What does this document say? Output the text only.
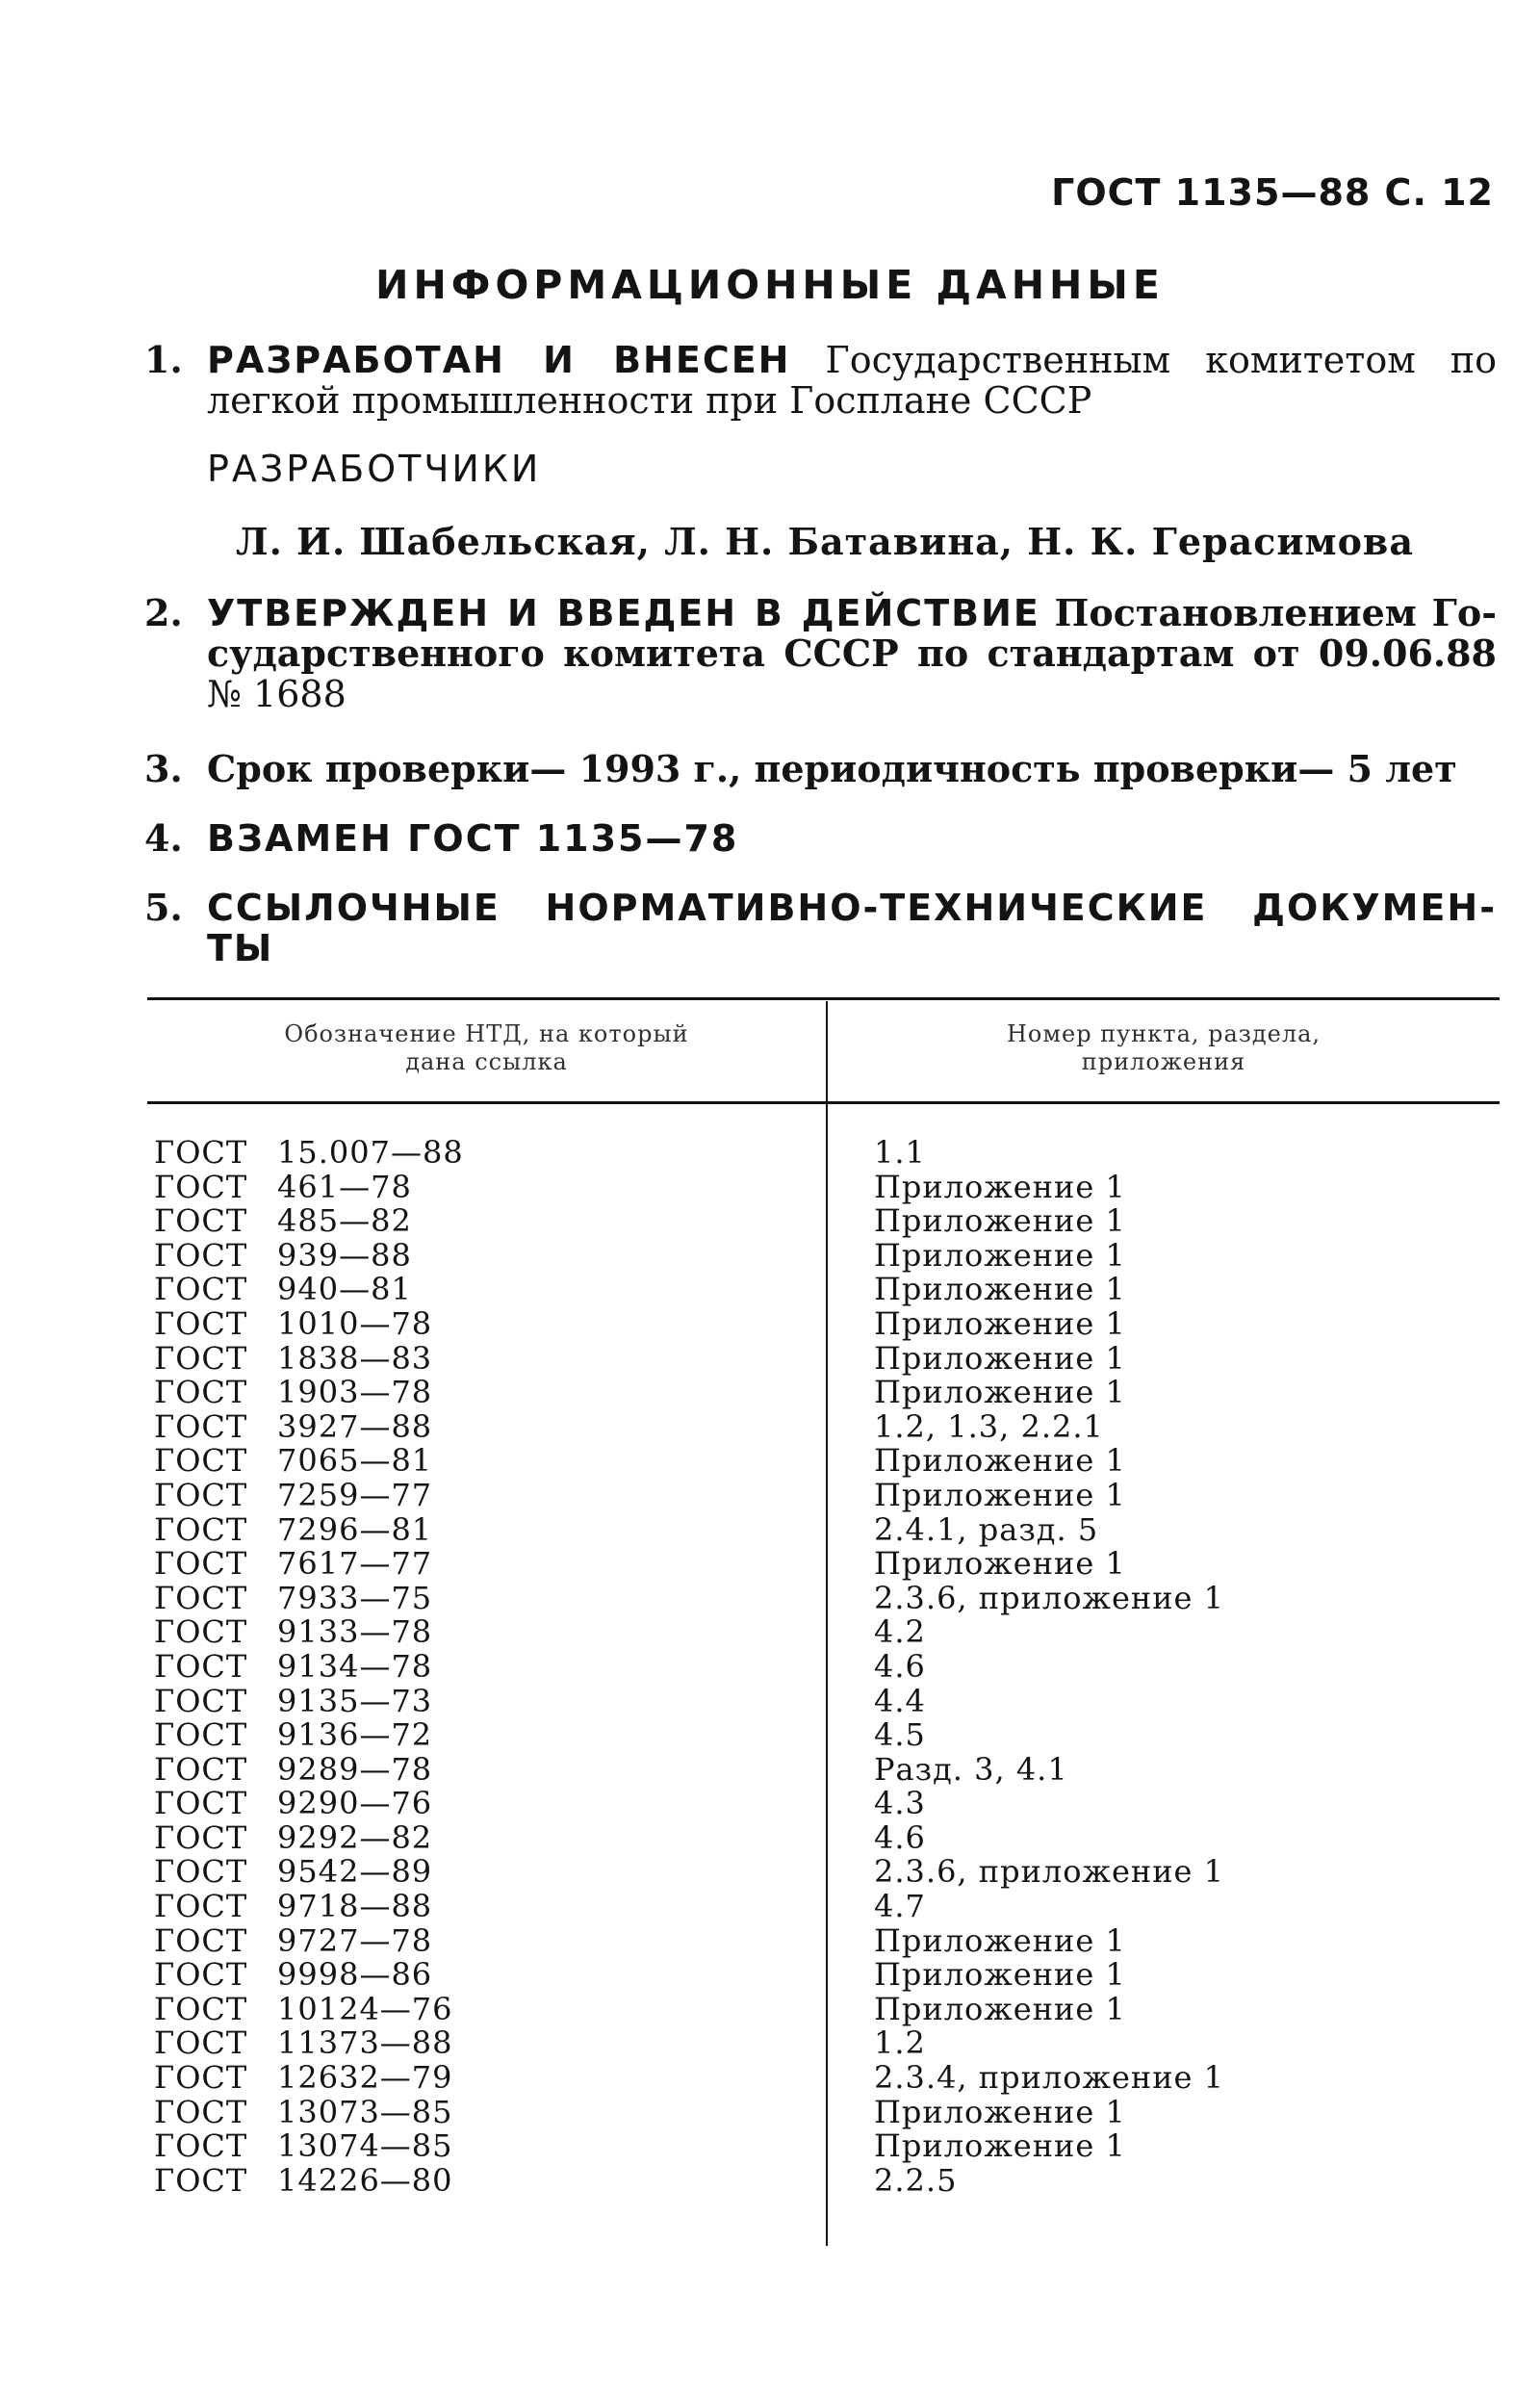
ГОСТ 1135—88 С. 12
ИНФОРМАЦИОННЫЕ ДАННЫЕ
1. РАЗРАБОТАН И ВНЕСЕН Государственным комитетом по
легкой промышленности при Госплане СССР
РАЗРАБОТЧИКИ
Л. И. Шабельская, Л. Н. Батавина, Н. К. Герасимова
2. УТВЕРЖДЕН И ВВЕДЕН В ДЕЙСТВИЕ Постановлением Го-
сударственного комитета СССР по стандартам от 09.06.88
№ 1688
3. Срок проверки— 1993 г., периодичность проверки— 5 лет
4. ВЗАМЕН ГОСТ 1135—78
5. ССЫЛОЧНЫЕ НОРМАТИВНО-ТЕХНИЧЕСКИЕ ДОКУМЕН-
ТЫ
Обозначение НТД, на который
дана ссылка
Номер пункта, раздела,
приложения
ГОСТ 15.007—88	1.1
ГОСТ 461—78	Приложение 1
ГОСТ 485—82	Приложение 1
ГОСТ 939—88	Приложение 1
ГОСТ 940—81	Приложение 1
ГОСТ 1010—78	Приложение 1
ГОСТ 1838—83	Приложение 1
ГОСТ 1903—78	Приложение 1
ГОСТ 3927—88	1.2, 1.3, 2.2.1
ГОСТ 7065—81	Приложение 1
ГОСТ 7259—77	Приложение 1
ГОСТ 7296—81	2.4.1, разд. 5
ГОСТ 7617—77	Приложение 1
ГОСТ 7933—75	2.3.6, приложение 1
ГОСТ 9133—78	4.2
ГОСТ 9134—78	4.6
ГОСТ 9135—73	4.4
ГОСТ 9136—72	4.5
ГОСТ 9289—78	Разд. 3, 4.1
ГОСТ 9290—76	4.3
ГОСТ 9292—82	4.6
ГОСТ 9542—89	2.3.6, приложение 1
ГОСТ 9718—88	4.7
ГОСТ 9727—78	Приложение 1
ГОСТ 9998—86	Приложение 1
ГОСТ 10124—76	Приложение 1
ГОСТ 11373—88	1.2
ГОСТ 12632—79	2.3.4, приложение 1
ГОСТ 13073—85	Приложение 1
ГОСТ 13074—85	Приложение 1
ГОСТ 14226—80	2.2.5
